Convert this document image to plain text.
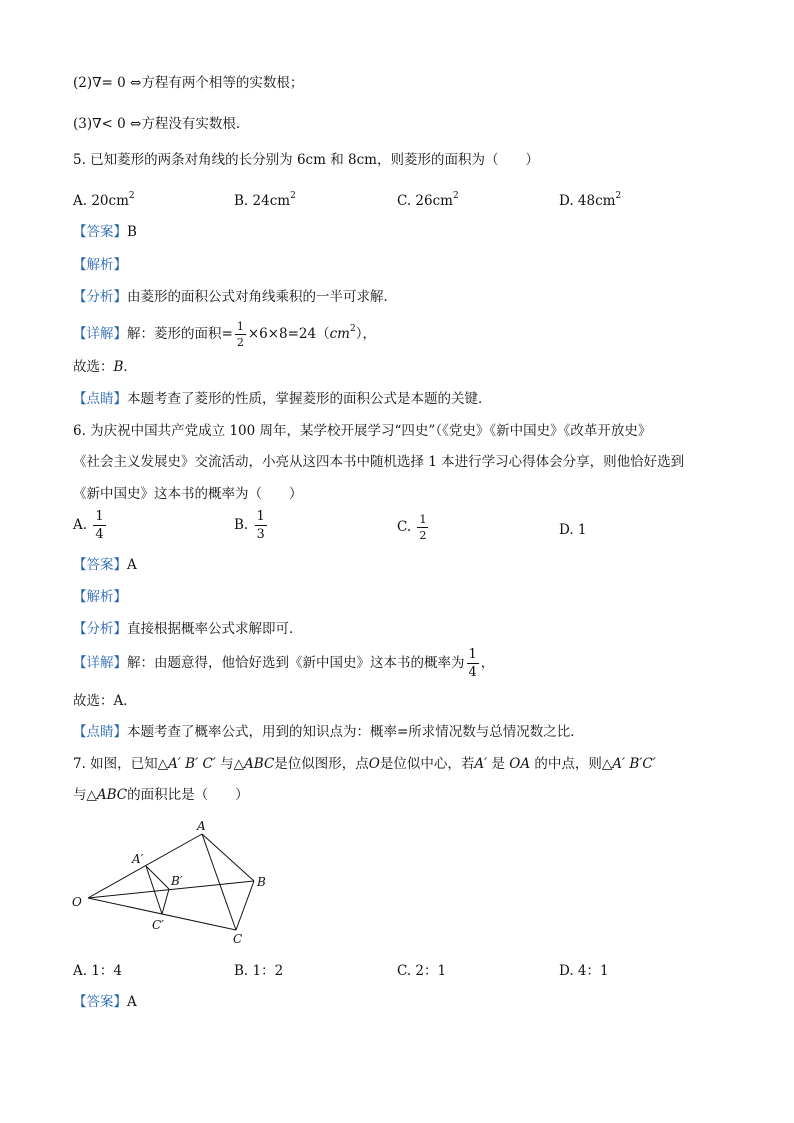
(2)∇= 0 ⇔方程有两个相等的实数根；
(3)∇< 0 ⇔方程没有实数根．
5. 已知菱形的两条对角线的长分别为 6cm 和 8cm，则菱形的面积为（　　）
A. $20cm^2$	B. $24cm^2$	C. $26cm^2$	D. $48cm^2$
【答案】B
【解析】
【分析】由菱形的面积公式对角线乘积的一半可求解．
【详解】解：菱形的面积= $\frac{1}{2} \times 6\times 8=24(cm^2)$，
故选：B．
【点睛】本题考查了菱形的性质，掌握菱形的面积公式是本题的关键．
6. 为庆祝中国共产党成立 100 周年，某学校开展学习“四史”（《党史》《新中国史》《改革开放史》
《社会主义发展史》交流活动，小亮从这四本书中随机选择 1 本进行学习心得体会分享，则他恰好选到
《新中国史》这本书的概率为（　　）
A. $\frac{1}{4}$	B. $\frac{1}{3}$	C. $\frac{1}{2}$	D. 1
【答案】A
【解析】
【分析】直接根据概率公式求解即可．
【详解】解：由题意得，他恰好选到《新中国史》这本书的概率为 $\frac{1}{4}$ ，
故选：A．
【点睛】本题考查了概率公式，用到的知识点为：概率=所求情况数与总情况数之比．
7. 如图，已知△A′ B′ C′ 与△ABC是位似图形，点O是位似中心，若A′ 是 OA 的中点，则△A′ B′C′
与△ABC的面积比是（　　）
A
B
C
O
A′
B′
C′
A. 1：4	B. 1：2	C. 2：1	D. 4：1
【答案】A
